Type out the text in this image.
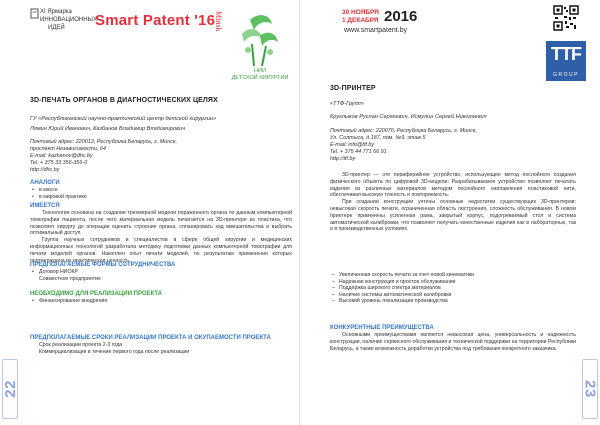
XI Ярмарка
ИННОВАЦИОННЫХ
ИДЕЙ	Smart Patent '16
Minsk
НИИ
ДЕТСКОЙ ХИРУРГИИ
3D-ПЕЧАТЬ ОРГАНОВ В ДИАГНОСТИЧЕСКИХ ЦЕЛЯХ
ГУ «Республиканский научно-практический центр детской хирургии»
Лямин Юрий Иванович, Казбанов Владимир Владимирович
Почтовый адрес: 220013, Республика Беларусь, г. Минск,
проспект Независимости, 64
E-mail: kazbanov@dhc.by
Tel. + 375 33 356-356-0
http://dhc.by
АНАЛОГИ
• в массе
• в мировой практике
ИМЕЕТСЯ
Технология основана на создании трехмерной модели пораженного органа по данным компьютерной томографии пациента, после чего материальная модель печатается на 3D-принтере из пластика, что позволяет хирургу до операции оценить строение органа, спланировать ход вмешательства и выбрать оптимальный доступ.
Группа научных сотрудников и специалистов в сфере общей хирургии и медицинских информационных технологий разработала методику подготовки данных компьютерной томографии для печати моделей органов. Накоплен опыт печати моделей, по результатам применения которых подтверждена их практическая ценность.
ПРЕДПОЛАГАЕМЫЕ ФОРМЫ СОТРУДНИЧЕСТВА
• Договор НИОКР
Совместное предприятие
НЕОБХОДИМО ДЛЯ РЕАЛИЗАЦИИ ПРОЕКТА
• Финансирование внедрения
ПРЕДПОЛАГАЕМЫЕ СРОКИ РЕАЛИЗАЦИИ ПРОЕКТА И ОКУПАЕМОСТИ ПРОЕКТА
Срок реализации проекта 2-3 года
Коммерциализация в течение первого года после реализации
22
30 НОЯБРЯ
1 ДЕКАБРЯ 2016
www.smartpatent.by
TTF
GROUP
3D-ПРИНТЕР
«ТТФ-Групп»
Круглыков Руслан Сергеевич, Исмулин Сергей Николаевич
Почтовый адрес: 220070, Республика Беларусь, г. Минск,
Ул. Солтыса, д.187, пом. №9, этаж 5
E-mail: info@ttf.by
Tel. + 375 44 771 66 91
http://ttf.by
3D-принтер — это периферийное устройство, использующее метод послойного создания физического объекта по цифровой 3D-модели. Разрабатываемое устройство позволяет печатать изделия из различных материалов методом послойного наплавления пластиковой нити, обеспечивая высокую точность и повторяемость.
При создании конструкции учтены основные недостатки существующих 3D-принтеров: невысокая скорость печати, ограниченная область построения, сложность обслуживания. В новом принтере применены усиленная рама, закрытый корпус, подогреваемый стол и система автоматической калибровки, что позволяет получать качественные изделия как в лабораторных, так и в производственных условиях.
– Увеличенная скорость печати за счет новой кинематики
– Надежная конструкция и простое обслуживание
– Поддержка широкого спектра материалов
– Наличие системы автоматической калибровки
– Высокий уровень локализации производства
КОНКУРЕНТНЫЕ ПРЕИМУЩЕСТВА
Основными преимуществами являются невысокая цена, универсальность и надежность конструкции, наличие сервисного обслуживания и технической поддержки на территории Республики Беларусь, а также возможность доработки устройства под требования конкретного заказчика.
23
